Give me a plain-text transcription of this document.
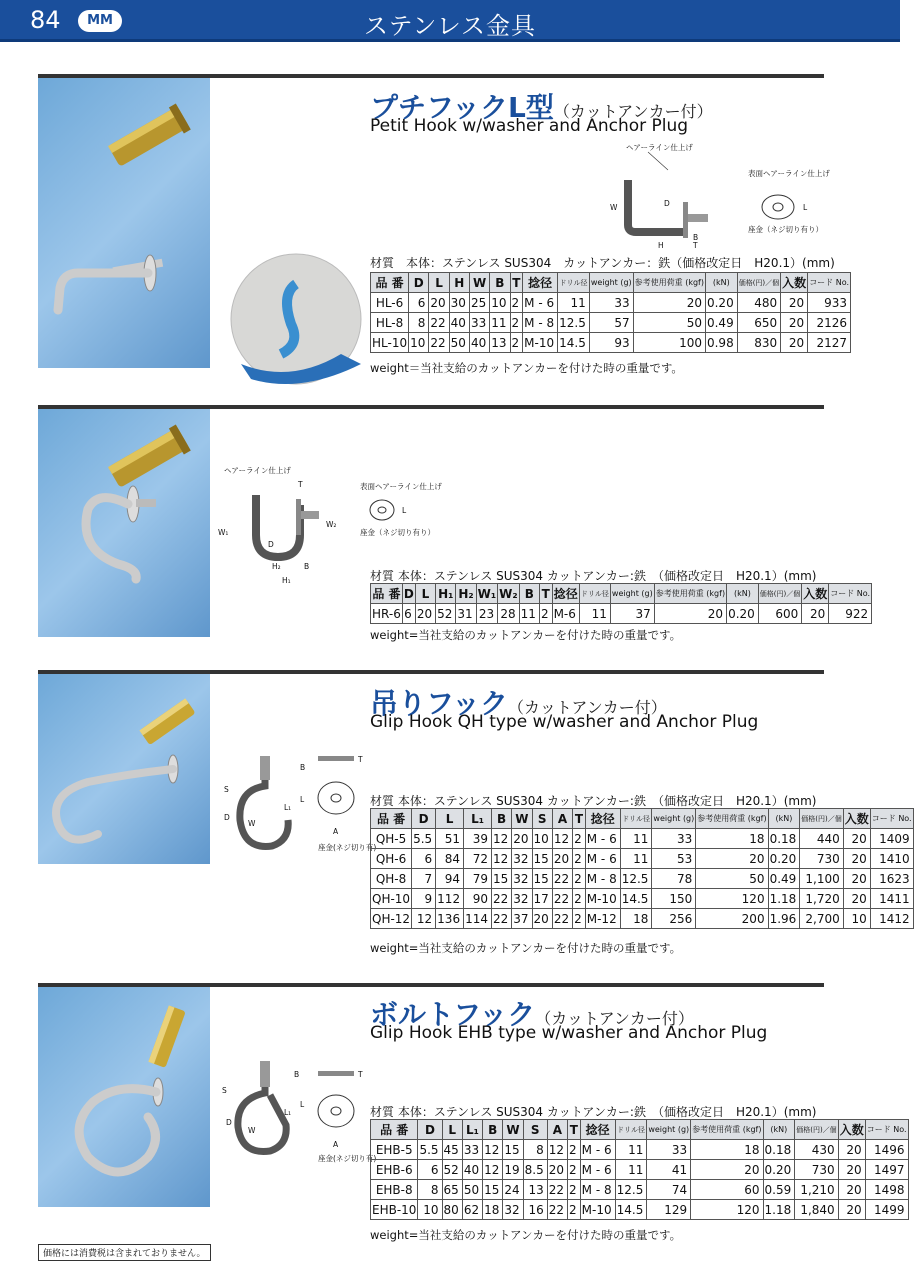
84	MM	ステンレス金具
プチフックL型（カットアンカー付）
Petit Hook w/washer and Anchor Plug
ヘアーライン仕上げ
W	D
H
B
T
表面ヘアーライン仕上げ
L
座金（ネジ切り有り）
材質　本体：ステンレス SUS304　カットアンカー：鉄（価格改定日　H20.1）(mm)
品 番	D	L	H	W	B	T	捻径	ドリル径	weight (g)	参考使用荷重 (kgf)	(kN)	価格(円)／個	入数	コード No.
HL-6	6	20	30	25	10	2	M - 6	11	33	20	0.20	480	20	933
HL-8	8	22	40	33	11	2	M - 8	12.5	57	50	0.49	650	20	2126
HL-10	10	22	50	40	13	2	M-10	14.5	93	100	0.98	830	20	2127
weight＝当社支給のカットアンカーを付けた時の重量です。
ヘアーライン仕上げ
T
W₁
W₂
D
H₂	B
H₁
表面ヘアーライン仕上げ
L
座金（ネジ切り有り）
材質 本体：ステンレス SUS304 カットアンカー:鉄　（価格改定日　H20.1）(mm)
品 番	D	L	H₁	H₂	W₁	W₂	B	T	捻径	ドリル径	weight (g)	参考使用荷重 (kgf)	(kN)	価格(円)／個	入数	コード No.
HR-6	6	20	52	31	23	28	11	2	M-6	11	37	20	0.20	600	20	922
weight=当社支給のカットアンカーを付けた時の重量です。
S
D
W
L₁
L
B
T
A
座金(ネジ切り有)
吊りフック（カットアンカー付）
Glip Hook QH type w/washer and Anchor Plug
材質 本体：ステンレス SUS304 カットアンカー:鉄　（価格改定日　H20.1）(mm)
品 番	D	L	L₁	B	W	S	A	T	捻径	ドリル径	weight (g)	参考使用荷重 (kgf)	(kN)	価格(円)／個	入数	コード No.
QH-5	5.5	51	39	12	20	10	12	2	M - 6	11	33	18	0.18	440	20	1409
QH-6	6	84	72	12	32	15	20	2	M - 6	11	53	20	0.20	730	20	1410
QH-8	7	94	79	15	32	15	22	2	M - 8	12.5	78	50	0.49	1,100	20	1623
QH-10	9	112	90	22	32	17	22	2	M-10	14.5	150	120	1.18	1,720	20	1411
QH-12	12	136	114	22	37	20	22	2	M-12	18	256	200	1.96	2,700	10	1412
weight=当社支給のカットアンカーを付けた時の重量です。
S
D
W
L₁
L
B	T
A
座金(ネジ切り有)
ボルトフック（カットアンカー付）
Glip Hook EHB type w/washer and Anchor Plug
材質 本体：ステンレス SUS304 カットアンカー:鉄　（価格改定日　H20.1）(mm)
品 番	D	L	L₁	B	W	S	A	T	捻径	ドリル径	weight (g)	参考使用荷重 (kgf)	(kN)	価格(円)／個	入数	コード No.
EHB-5	5.5	45	33	12	15	8	12	2	M - 6	11	33	18	0.18	430	20	1496
EHB-6	6	52	40	12	19	8.5	20	2	M - 6	11	41	20	0.20	730	20	1497
EHB-8	8	65	50	15	24	13	22	2	M - 8	12.5	74	60	0.59	1,210	20	1498
EHB-10	10	80	62	18	32	16	22	2	M-10	14.5	129	120	1.18	1,840	20	1499
weight=当社支給のカットアンカーを付けた時の重量です。
価格には消費税は含まれておりません。
